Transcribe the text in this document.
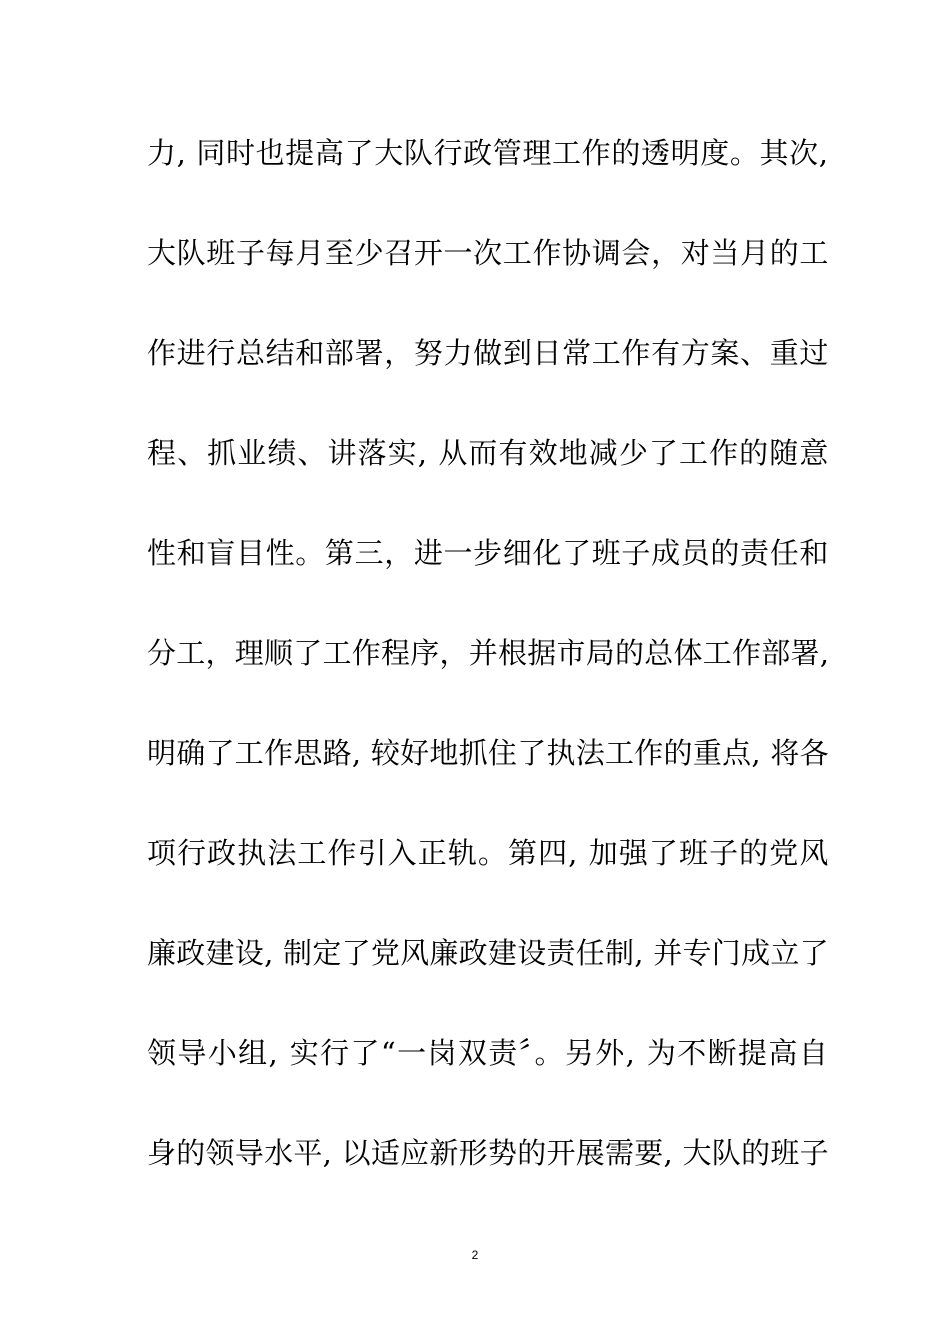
力, 同时也提高了大队行政管理工作的透明度。其次,
大队班子每月至少召开一次工作协调会，对当月的工
作进行总结和部署，努力做到日常工作有方案、重过
程、抓业绩、讲落实, 从而有效地减少了工作的随意
性和盲目性。第三，进一步细化了班子成员的责任和
分工，理顺了工作程序，并根据市局的总体工作部署,
明确了工作思路, 较好地抓住了执法工作的重点, 将各
项行政执法工作引入正轨。第四, 加强了班子的党风
廉政建设, 制定了党风廉政建设责任制, 并专门成立了
领导小组, 实行了“一岗双责〞。另外, 为不断提高自
身的领导水平, 以适应新形势的开展需要, 大队的班子
2
